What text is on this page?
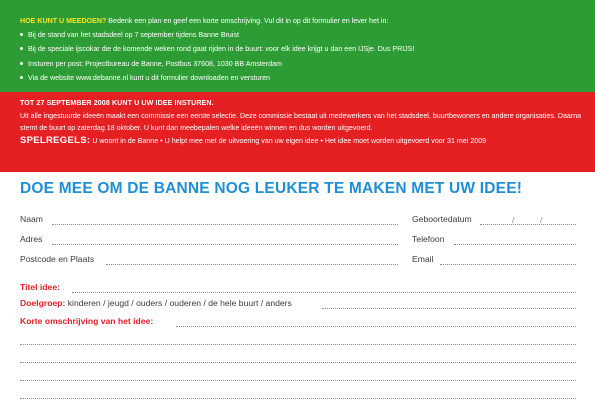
HOE KUNT U MEEDOEN? Bedenk een plan en geef een korte omschrijving. Vul dit in op dit formulier en lever het in:
Bij de stand van het stadsdeel op 7 september tijdens Banne Bruist
Bij de speciale ijscokar die de komende weken rond gaat rijden in de buurt: voor elk idee krijgt u dan een IJSje. Dus PRIJS!
Insturen per post: Projectbureau de Banne, Postbus 37608, 1030 BB Amsterdam
Via de website www.debanne.nl kunt u dit formulier downloaden en versturen
TOT 27 SEPTEMBER 2008 KUNT U UW IDEE INSTUREN.
Uit alle ingestuurde ideeën maakt een commissie een eerste selectie. Deze commissie bestaat uit medewerkers van het stadsdeel, buurtbewoners en andere organisaties. Daarna stemt de buurt op zaterdag 18 oktober. U kunt dan meebepalen welke ideeën winnen en dus worden uitgevoerd.
SPELREGELS: U woont in de Banne • U helpt mee met de uitvoering van uw eigen idee • Het idee moet worden uitgevoerd voor 31 mei 2009
DOE MEE OM DE BANNE NOG LEUKER TE MAKEN MET UW IDEE!
Naam	Geboortedatum	/	/
Adres	Telefoon
Postcode en Plaats	Email
Titel idee:
Doelgroep: kinderen / jeugd / ouders / ouderen / de hele buurt / anders
Korte omschrijving van het idee:
